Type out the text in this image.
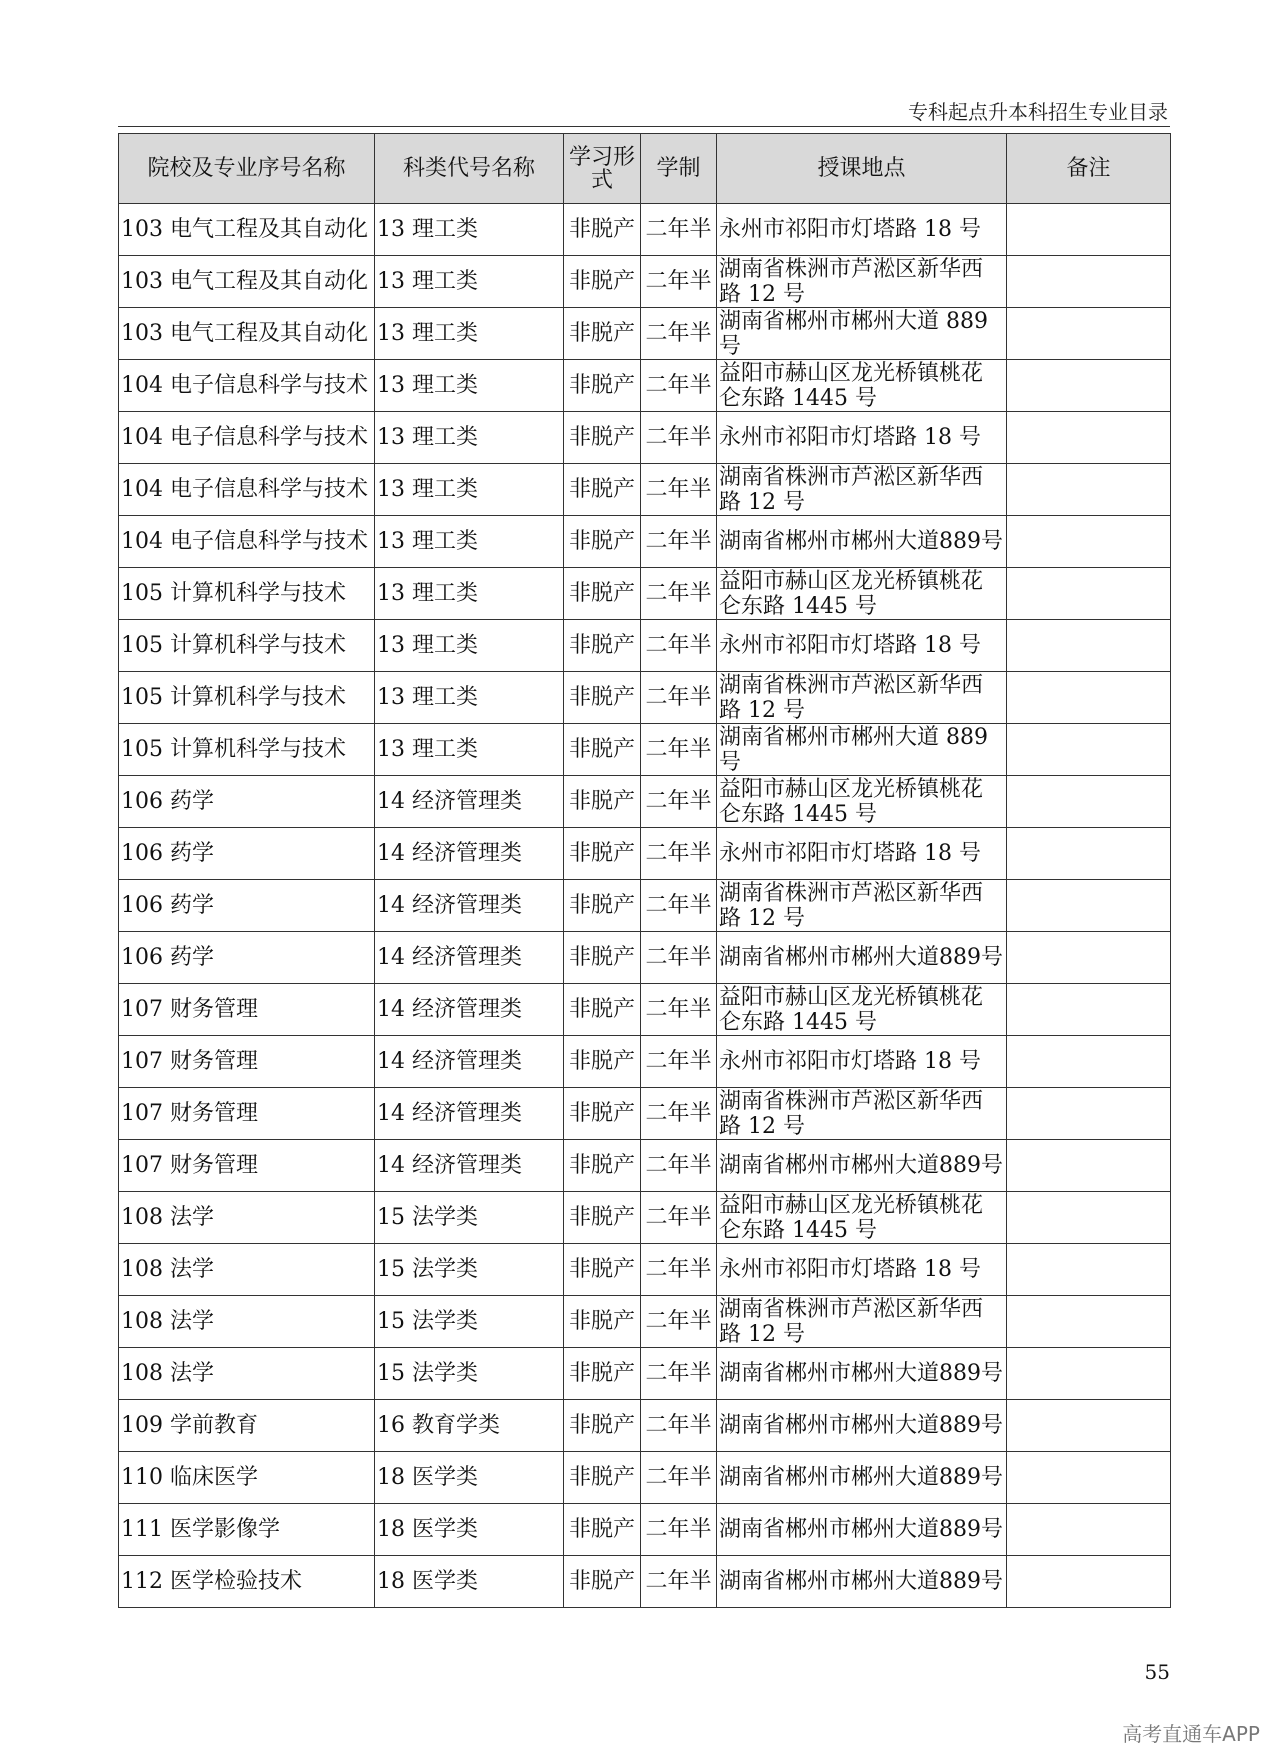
专科起点升本科招生专业目录
院校及专业序号名称	科类代号名称	学习形式	学制	授课地点	备注
103 电气工程及其自动化	13 理工类	非脱产	二年半	永州市祁阳市灯塔路 18 号	
103 电气工程及其自动化	13 理工类	非脱产	二年半	湖南省株洲市芦淞区新华西路 12 号	
103 电气工程及其自动化	13 理工类	非脱产	二年半	湖南省郴州市郴州大道 889 号	
104 电子信息科学与技术	13 理工类	非脱产	二年半	益阳市赫山区龙光桥镇桃花仑东路 1445 号	
104 电子信息科学与技术	13 理工类	非脱产	二年半	永州市祁阳市灯塔路 18 号	
104 电子信息科学与技术	13 理工类	非脱产	二年半	湖南省株洲市芦淞区新华西路 12 号	
104 电子信息科学与技术	13 理工类	非脱产	二年半	湖南省郴州市郴州大道889号	
105 计算机科学与技术	13 理工类	非脱产	二年半	益阳市赫山区龙光桥镇桃花仑东路 1445 号	
105 计算机科学与技术	13 理工类	非脱产	二年半	永州市祁阳市灯塔路 18 号	
105 计算机科学与技术	13 理工类	非脱产	二年半	湖南省株洲市芦淞区新华西路 12 号	
105 计算机科学与技术	13 理工类	非脱产	二年半	湖南省郴州市郴州大道 889 号	
106 药学	14 经济管理类	非脱产	二年半	益阳市赫山区龙光桥镇桃花仑东路 1445 号	
106 药学	14 经济管理类	非脱产	二年半	永州市祁阳市灯塔路 18 号	
106 药学	14 经济管理类	非脱产	二年半	湖南省株洲市芦淞区新华西路 12 号	
106 药学	14 经济管理类	非脱产	二年半	湖南省郴州市郴州大道889号	
107 财务管理	14 经济管理类	非脱产	二年半	益阳市赫山区龙光桥镇桃花仑东路 1445 号	
107 财务管理	14 经济管理类	非脱产	二年半	永州市祁阳市灯塔路 18 号	
107 财务管理	14 经济管理类	非脱产	二年半	湖南省株洲市芦淞区新华西路 12 号	
107 财务管理	14 经济管理类	非脱产	二年半	湖南省郴州市郴州大道889号	
108 法学	15 法学类	非脱产	二年半	益阳市赫山区龙光桥镇桃花仑东路 1445 号	
108 法学	15 法学类	非脱产	二年半	永州市祁阳市灯塔路 18 号	
108 法学	15 法学类	非脱产	二年半	湖南省株洲市芦淞区新华西路 12 号	
108 法学	15 法学类	非脱产	二年半	湖南省郴州市郴州大道889号	
109 学前教育	16 教育学类	非脱产	二年半	湖南省郴州市郴州大道889号	
110 临床医学	18 医学类	非脱产	二年半	湖南省郴州市郴州大道889号	
111 医学影像学	18 医学类	非脱产	二年半	湖南省郴州市郴州大道889号	
112 医学检验技术	18 医学类	非脱产	二年半	湖南省郴州市郴州大道889号	
55
高考直通车APP
